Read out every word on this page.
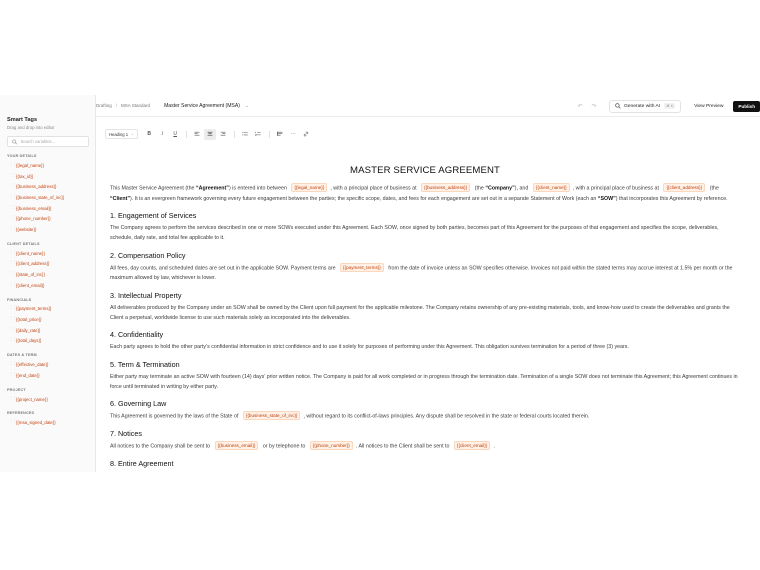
Smart Tags
Drag and drop into editor
Search variables...
YOUR DETAILS
⋮⋮ {{legal_name}}
⋮⋮ {{tax_id}}
⋮⋮ {{business_address}}
⋮⋮ {{business_state_of_inc}}
⋮⋮ {{business_email}}
⋮⋮ {{phone_number}}
⋮⋮ {{website}}
CLIENT DETAILS
⋮⋮ {{client_name}}
⋮⋮ {{client_address}}
⋮⋮ {{state_of_inc}}
⋮⋮ {{client_email}}
FINANCIALS
⋮⋮ {{payment_terms}}
⋮⋮ {{total_price}}
⋮⋮ {{daily_rate}}
⋮⋮ {{total_days}}
DATES & TERM
⋮⋮ {{effective_date}}
⋮⋮ {{end_date}}
PROJECT
⋮⋮ {{project_name}}
REFERENCES
⋮⋮ {{msa_signed_date}}
Drafting / MSA Standard	Master Service Agreement (MSA) ⌄	↶	↷	Generate with AI	⌘ K	View Preview	Publish
Heading 1 ⌄	B I U	···
MASTER SERVICE AGREEMENT

This Master Service Agreement (the “Agreement”) is entered into between {{legal_name}} , with a principal place of business at {{business_address}} (the “Company”), and {{client_name}} , with a principal place of business at {{client_address}} (the “Client”). It is an evergreen framework governing every future engagement between the parties; the specific scope, dates, and fees for each engagement are set out in a separate Statement of Work (each an “SOW”) that incorporates this Agreement by reference.

1. Engagement of Services

The Company agrees to perform the services described in one or more SOWs executed under this Agreement. Each SOW, once signed by both parties, becomes part of this Agreement for the purposes of that engagement and specifies the scope, deliverables, schedule, daily rate, and total fee applicable to it.

2. Compensation Policy

All fees, day counts, and scheduled dates are set out in the applicable SOW. Payment terms are {{payment_terms}} from the date of invoice unless an SOW specifies otherwise. Invoices not paid within the stated terms may accrue interest at 1.5% per month or the maximum allowed by law, whichever is lower.

3. Intellectual Property

All deliverables produced by the Company under an SOW shall be owned by the Client upon full payment for the applicable milestone. The Company retains ownership of any pre-existing materials, tools, and know-how used to create the deliverables and grants the Client a perpetual, worldwide license to use such materials solely as incorporated into the deliverables.

4. Confidentiality

Each party agrees to hold the other party’s confidential information in strict confidence and to use it solely for purposes of performing under this Agreement. This obligation survives termination for a period of three (3) years.

5. Term & Termination

Either party may terminate an active SOW with fourteen (14) days’ prior written notice. The Company is paid for all work completed or in progress through the termination date. Termination of a single SOW does not terminate this Agreement; this Agreement continues in force until terminated in writing by either party.

6. Governing Law

This Agreement is governed by the laws of the State of {{business_state_of_inc}} , without regard to its conflict-of-laws principles. Any dispute shall be resolved in the state or federal courts located therein.

7. Notices

All notices to the Company shall be sent to {{business_email}} or by telephone to {{phone_number}} . All notices to the Client shall be sent to {{client_email}} .

8. Entire Agreement
